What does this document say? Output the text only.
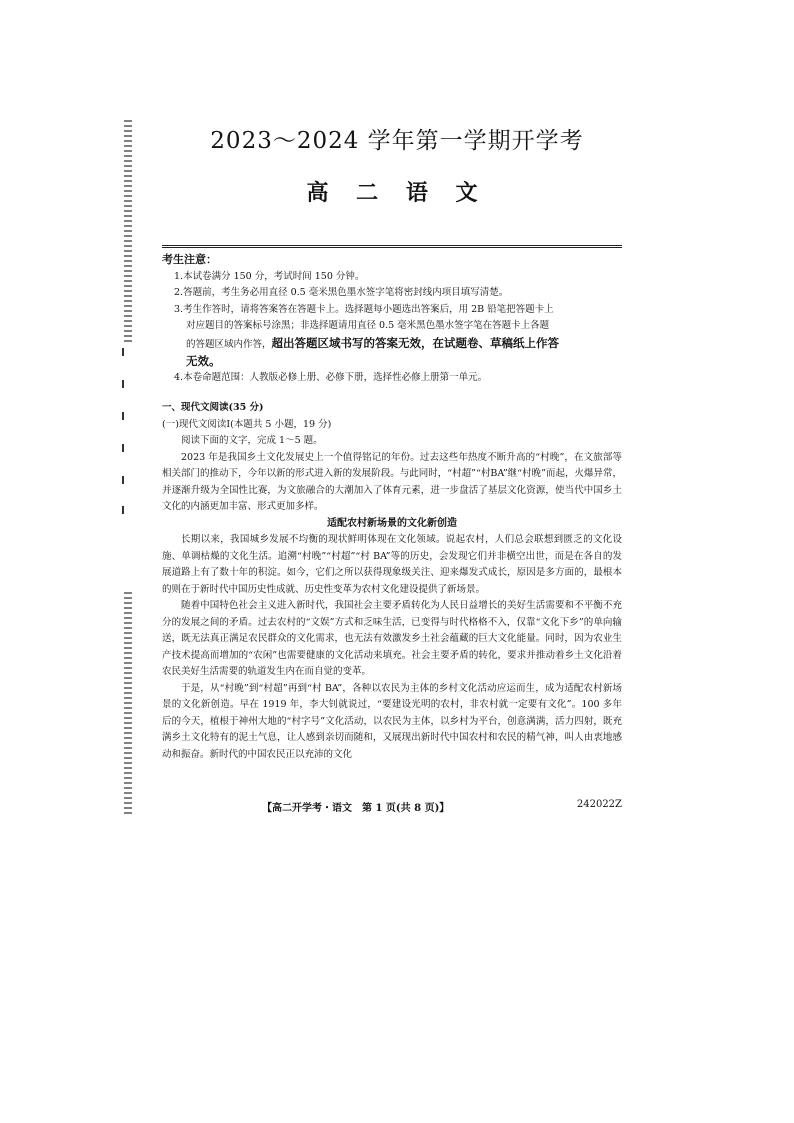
2023～2024 学年第一学期开学考
高 二 语 文
考生注意：
1.本试卷满分 150 分，考试时间 150 分钟。
2.答题前，考生务必用直径 0.5 毫米黑色墨水签字笔将密封线内项目填写清楚。
3.考生作答时，请将答案答在答题卡上。选择题每小题选出答案后，用 2B 铅笔把答题卡上
对应题目的答案标号涂黑；非选择题请用直径 0.5 毫米黑色墨水签字笔在答题卡上各题
的答题区域内作答，超出答题区域书写的答案无效，在试题卷、草稿纸上作答
无效。
4.本卷命题范围：人教版必修上册、必修下册，选择性必修上册第一单元。
一、现代文阅读(35 分)
(一)现代文阅读Ⅰ(本题共 5 小题，19 分)
阅读下面的文字，完成 1～5 题。
2023 年是我国乡土文化发展史上一个值得铭记的年份。过去这些年热度不断升高的“村晚”，在文旅部等相关部门的推动下，今年以新的形式进入新的发展阶段。与此同时，“村超”“村BA”继“村晚”而起，火爆异常，并逐渐升级为全国性比赛，为文旅融合的大潮加入了体育元素，进一步盘活了基层文化资源，使当代中国乡土文化的内涵更加丰富、形式更加多样。
适配农村新场景的文化新创造
长期以来，我国城乡发展不均衡的现状鲜明体现在文化领域。说起农村，人们总会联想到匮乏的文化设施、单调枯燥的文化生活。追溯“村晚”“村超”“村 BA”等的历史，会发现它们并非横空出世，而是在各自的发展道路上有了数十年的积淀。如今，它们之所以获得现象级关注、迎来爆发式成长，原因是多方面的，最根本的则在于新时代中国历史性成就、历史性变革为农村文化建设提供了新场景。
随着中国特色社会主义进入新时代，我国社会主要矛盾转化为人民日益增长的美好生活需要和不平衡不充分的发展之间的矛盾。过去农村的“文娱”方式和乏味生活，已变得与时代格格不入，仅靠“文化下乡”的单向输送，既无法真正满足农民群众的文化需求，也无法有效激发乡土社会蕴藏的巨大文化能量。同时，因为农业生产技术提高而增加的“农闲”也需要健康的文化活动来填充。社会主要矛盾的转化，要求并推动着乡土文化沿着农民美好生活需要的轨道发生内在而自觉的变革。
于是，从“村晚”到“村超”再到“村 BA”，各种以农民为主体的乡村文化活动应运而生，成为适配农村新场景的文化新创造。早在 1919 年，李大钊就说过，“要建设光明的农村，非农村就一定要有文化”。100 多年后的今天，植根于神州大地的“村字号”文化活动，以农民为主体，以乡村为平台，创意满满，活力四射，既充满乡土文化特有的泥土气息，让人感到亲切而随和，又展现出新时代中国农村和农民的精气神，叫人由衷地感动和振奋。新时代的中国农民正以充沛的文化
【高二开学考・语文　第 1 页(共 8 页)】	242022Z
